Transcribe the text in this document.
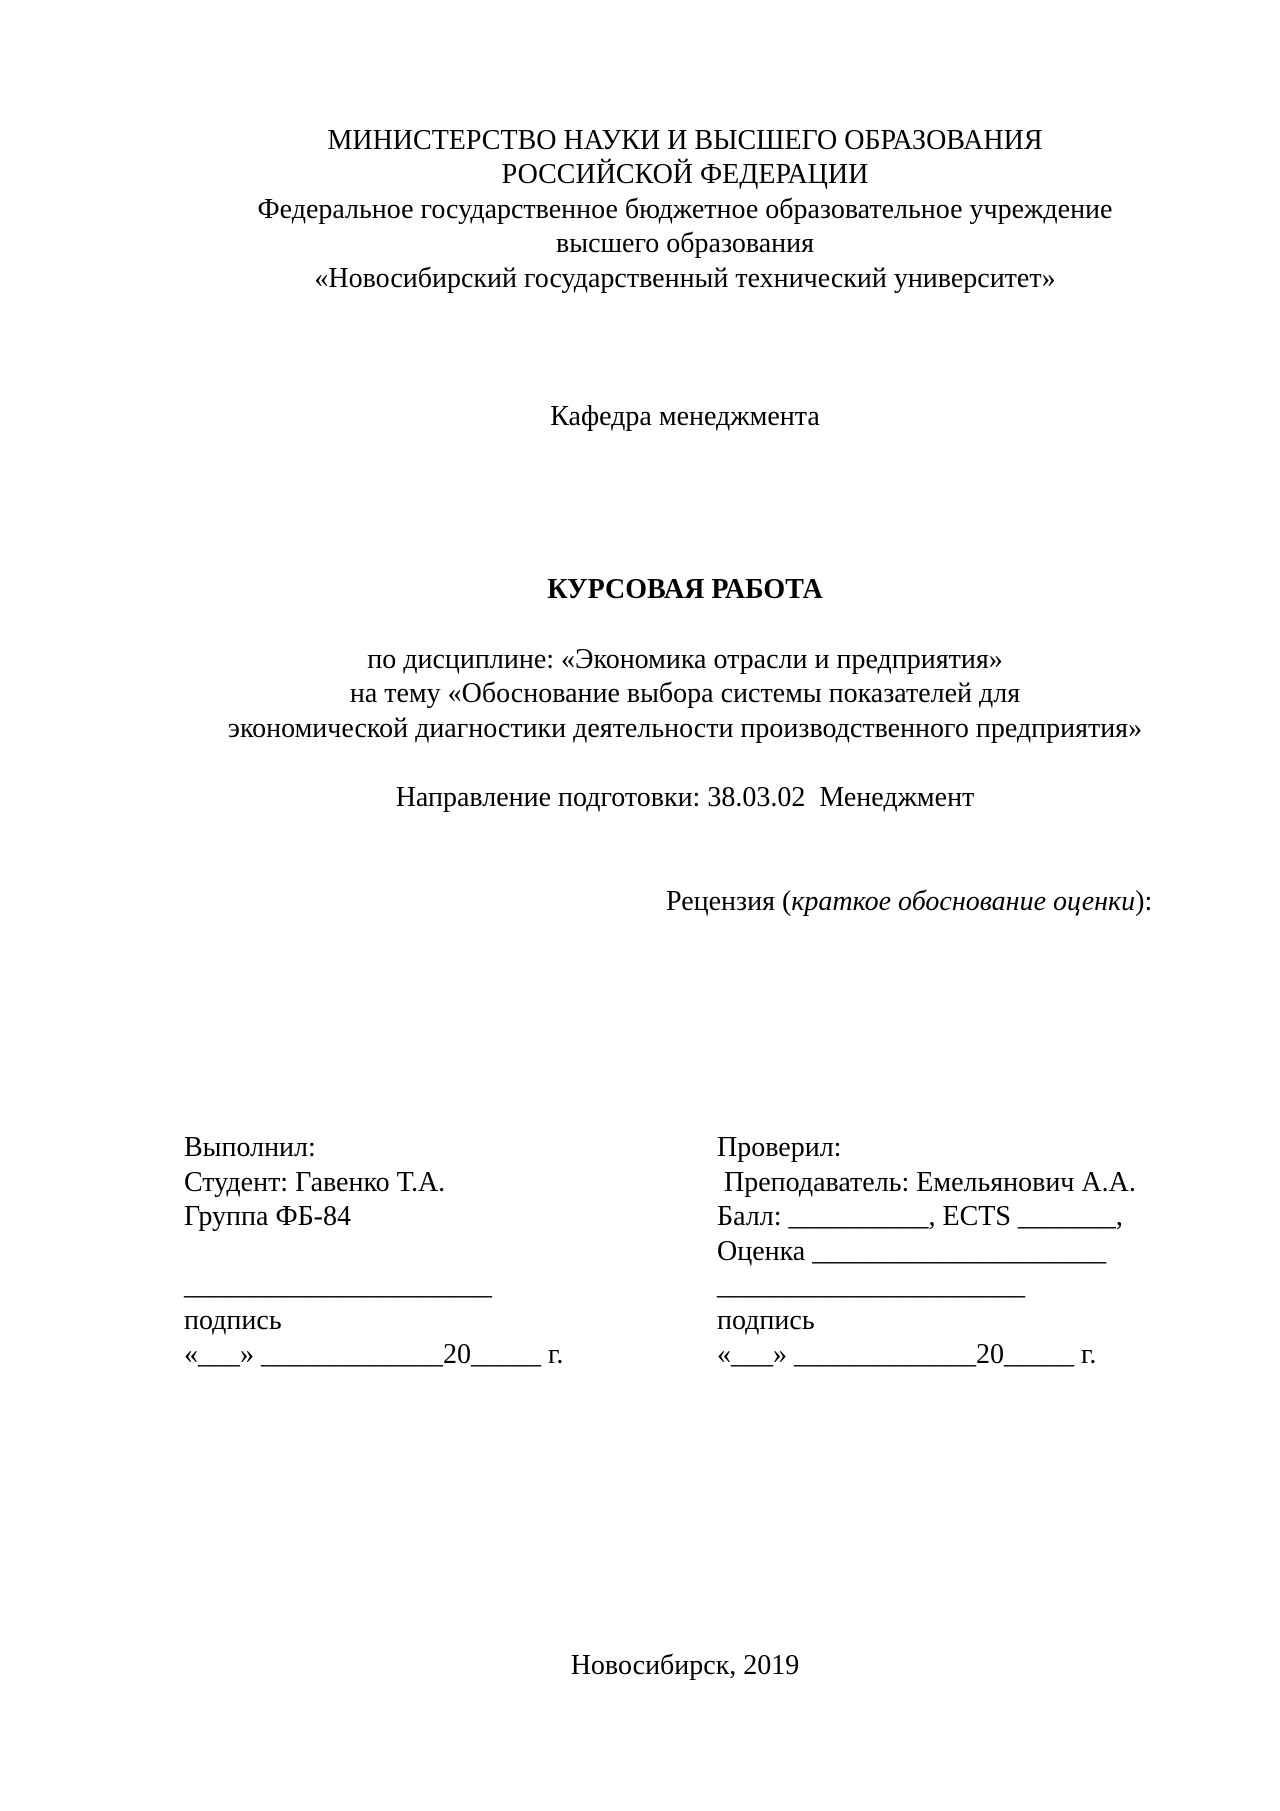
МИНИСТЕРСТВО НАУКИ И ВЫСШЕГО ОБРАЗОВАНИЯ
РОССИЙСКОЙ ФЕДЕРАЦИИ
Федеральное государственное бюджетное образовательное учреждение
высшего образования
«Новосибирский государственный технический университет»
Кафедра менеджмента
КУРСОВАЯ РАБОТА
по дисциплине: «Экономика отрасли и предприятия»
на тему «Обоснование выбора системы показателей для
экономической диагностики деятельности производственного предприятия»
Направление подготовки: 38.03.02  Менеджмент
Рецензия (краткое обоснование оценки):
Выполнил:
Студент: Гавенко Т.А.
Группа ФБ-84
______________________
подпись
«___» _____________20_____ г.
Проверил:
Преподаватель: Емельянович А.А.
Балл: __________, ECTS _______,
Оценка _____________________
______________________
подпись
«___» _____________20_____ г.
Новосибирск, 2019
